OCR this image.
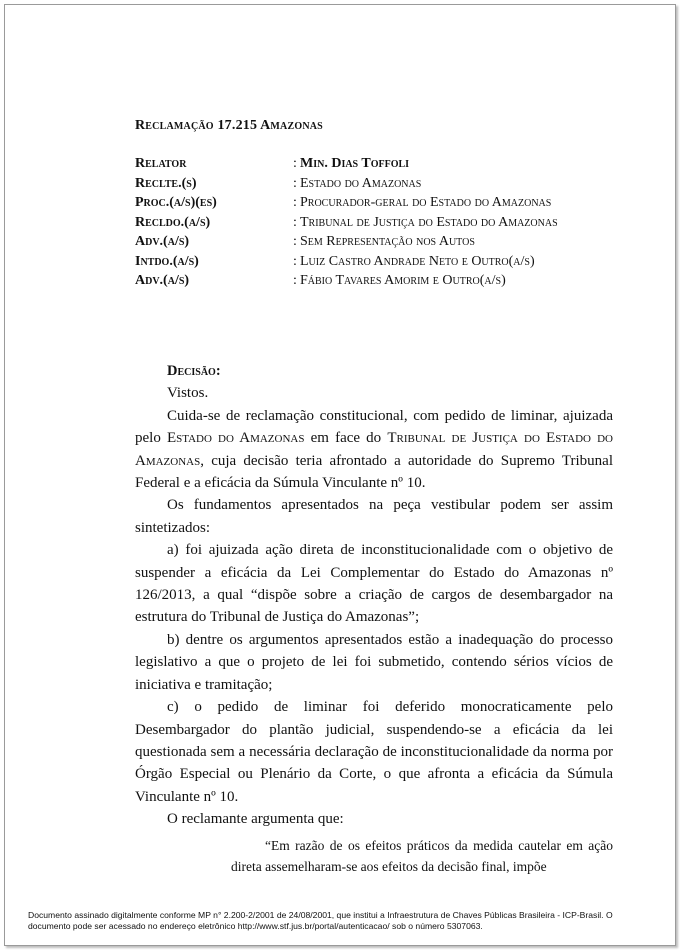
Reclamação 17.215 Amazonas
Relator	: Min. Dias Toffoli
Reclte.(s)	: Estado do Amazonas
Proc.(a/s)(es)	: Procurador-geral do Estado do Amazonas
Recldo.(a/s)	: Tribunal de Justiça do Estado do Amazonas
Adv.(a/s)	: Sem Representação nos Autos
Intdo.(a/s)	: Luiz Castro Andrade Neto e Outro(a/s)
Adv.(a/s)	: Fábio Tavares Amorim e Outro(a/s)

Decisão:

Vistos.

Cuida-se de reclamação constitucional, com pedido de liminar, ajuizada pelo Estado do Amazonas em face do Tribunal de Justiça do Estado do Amazonas, cuja decisão teria afrontado a autoridade do Supremo Tribunal Federal e a eficácia da Súmula Vinculante nº 10.

Os fundamentos apresentados na peça vestibular podem ser assim sintetizados:

a) foi ajuizada ação direta de inconstitucionalidade com o objetivo de suspender a eficácia da Lei Complementar do Estado do Amazonas nº 126/2013, a qual “dispõe sobre a criação de cargos de desembargador na estrutura do Tribunal de Justiça do Amazonas”;

b) dentre os argumentos apresentados estão a inadequação do processo legislativo a que o projeto de lei foi submetido, contendo sérios vícios de iniciativa e tramitação;

c) o pedido de liminar foi deferido monocraticamente pelo Desembargador do plantão judicial, suspendendo-se a eficácia da lei questionada sem a necessária declaração de inconstitucionalidade da norma por Órgão Especial ou Plenário da Corte, o que afronta a eficácia da Súmula Vinculante nº 10.

O reclamante argumenta que:

“Em razão de os efeitos práticos da medida cautelar em ação direta assemelharam-se aos efeitos da decisão final, impõe

Documento assinado digitalmente conforme MP n° 2.200-2/2001 de 24/08/2001, que institui a Infraestrutura de Chaves Públicas Brasileira - ICP-Brasil. O documento pode ser acessado no endereço eletrônico http://www.stf.jus.br/portal/autenticacao/ sob o número 5307063.
